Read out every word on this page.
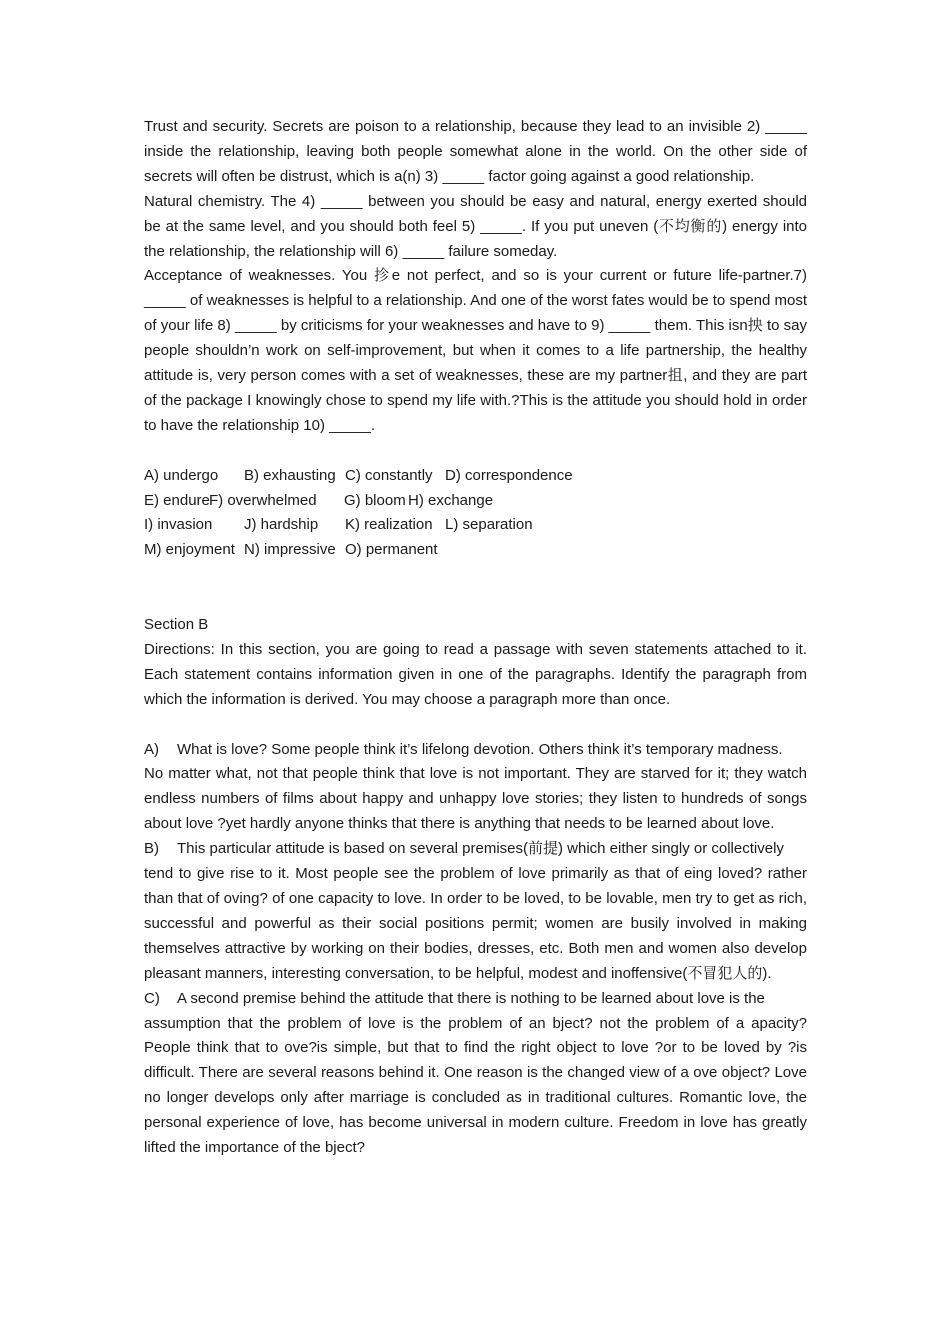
Trust and security. Secrets are poison to a relationship, because they lead to an invisible 2) _____ inside the relationship, leaving both people somewhat alone in the world. On the other side of secrets will often be distrust, which is a(n) 3) _____ factor going against a good relationship.

Natural chemistry. The 4) _____ between you should be easy and natural, energy exerted should be at the same level, and you should both feel 5) _____. If you put uneven (不均衡的) energy into the relationship, the relationship will 6) _____ failure someday.

Acceptance of weaknesses. You 抮e not perfect, and so is your current or future life-partner.7) _____ of weaknesses is helpful to a relationship. And one of the worst fates would be to spend most of your life 8) _____ by criticisms for your weaknesses and have to 9) _____ them. This isn抰 to say people shouldn’n work on self-improvement, but when it comes to a life partnership, the healthy attitude is, very person comes with a set of weaknesses, these are my partner抯, and they are part of the package I knowingly chose to spend my life with.?This is the attitude you should hold in order to have the relationship 10) _____.

A) undergo B) exhausting C) constantly D) correspondence
E) endure F) overwhelmed G) bloom H) exchange
I) invasion J) hardship K) realization L) separation
M) enjoyment N) impressive O) permanent

Section B

Directions: In this section, you are going to read a passage with seven statements attached to it. Each statement contains information given in one of the paragraphs. Identify the paragraph from which the information is derived. You may choose a paragraph more than once.

A)	What is love? Some people think it’s lifelong devotion. Others think it’s temporary madness.

No matter what, not that people think that love is not important. They are starved for it; they watch endless numbers of films about happy and unhappy love stories; they listen to hundreds of songs about love ?yet hardly anyone thinks that there is anything that needs to be learned about love.

B)	This particular attitude is based on several premises(前提) which either singly or collectively

tend to give rise to it. Most people see the problem of love primarily as that of eing loved? rather than that of oving? of one capacity to love. In order to be loved, to be lovable, men try to get as rich, successful and powerful as their social positions permit; women are busily involved in making themselves attractive by working on their bodies, dresses, etc. Both men and women also develop pleasant manners, interesting conversation, to be helpful, modest and inoffensive(不冒犯人的).

C)	A second premise behind the attitude that there is nothing to be learned about love is the

assumption that the problem of love is the problem of an bject? not the problem of a apacity? People think that to ove?is simple, but that to find the right object to love ?or to be loved by ?is difficult. There are several reasons behind it. One reason is the changed view of a ove object? Love no longer develops only after marriage is concluded as in traditional cultures. Romantic love, the personal experience of love, has become universal in modern culture. Freedom in love has greatly lifted the importance of the bject?
